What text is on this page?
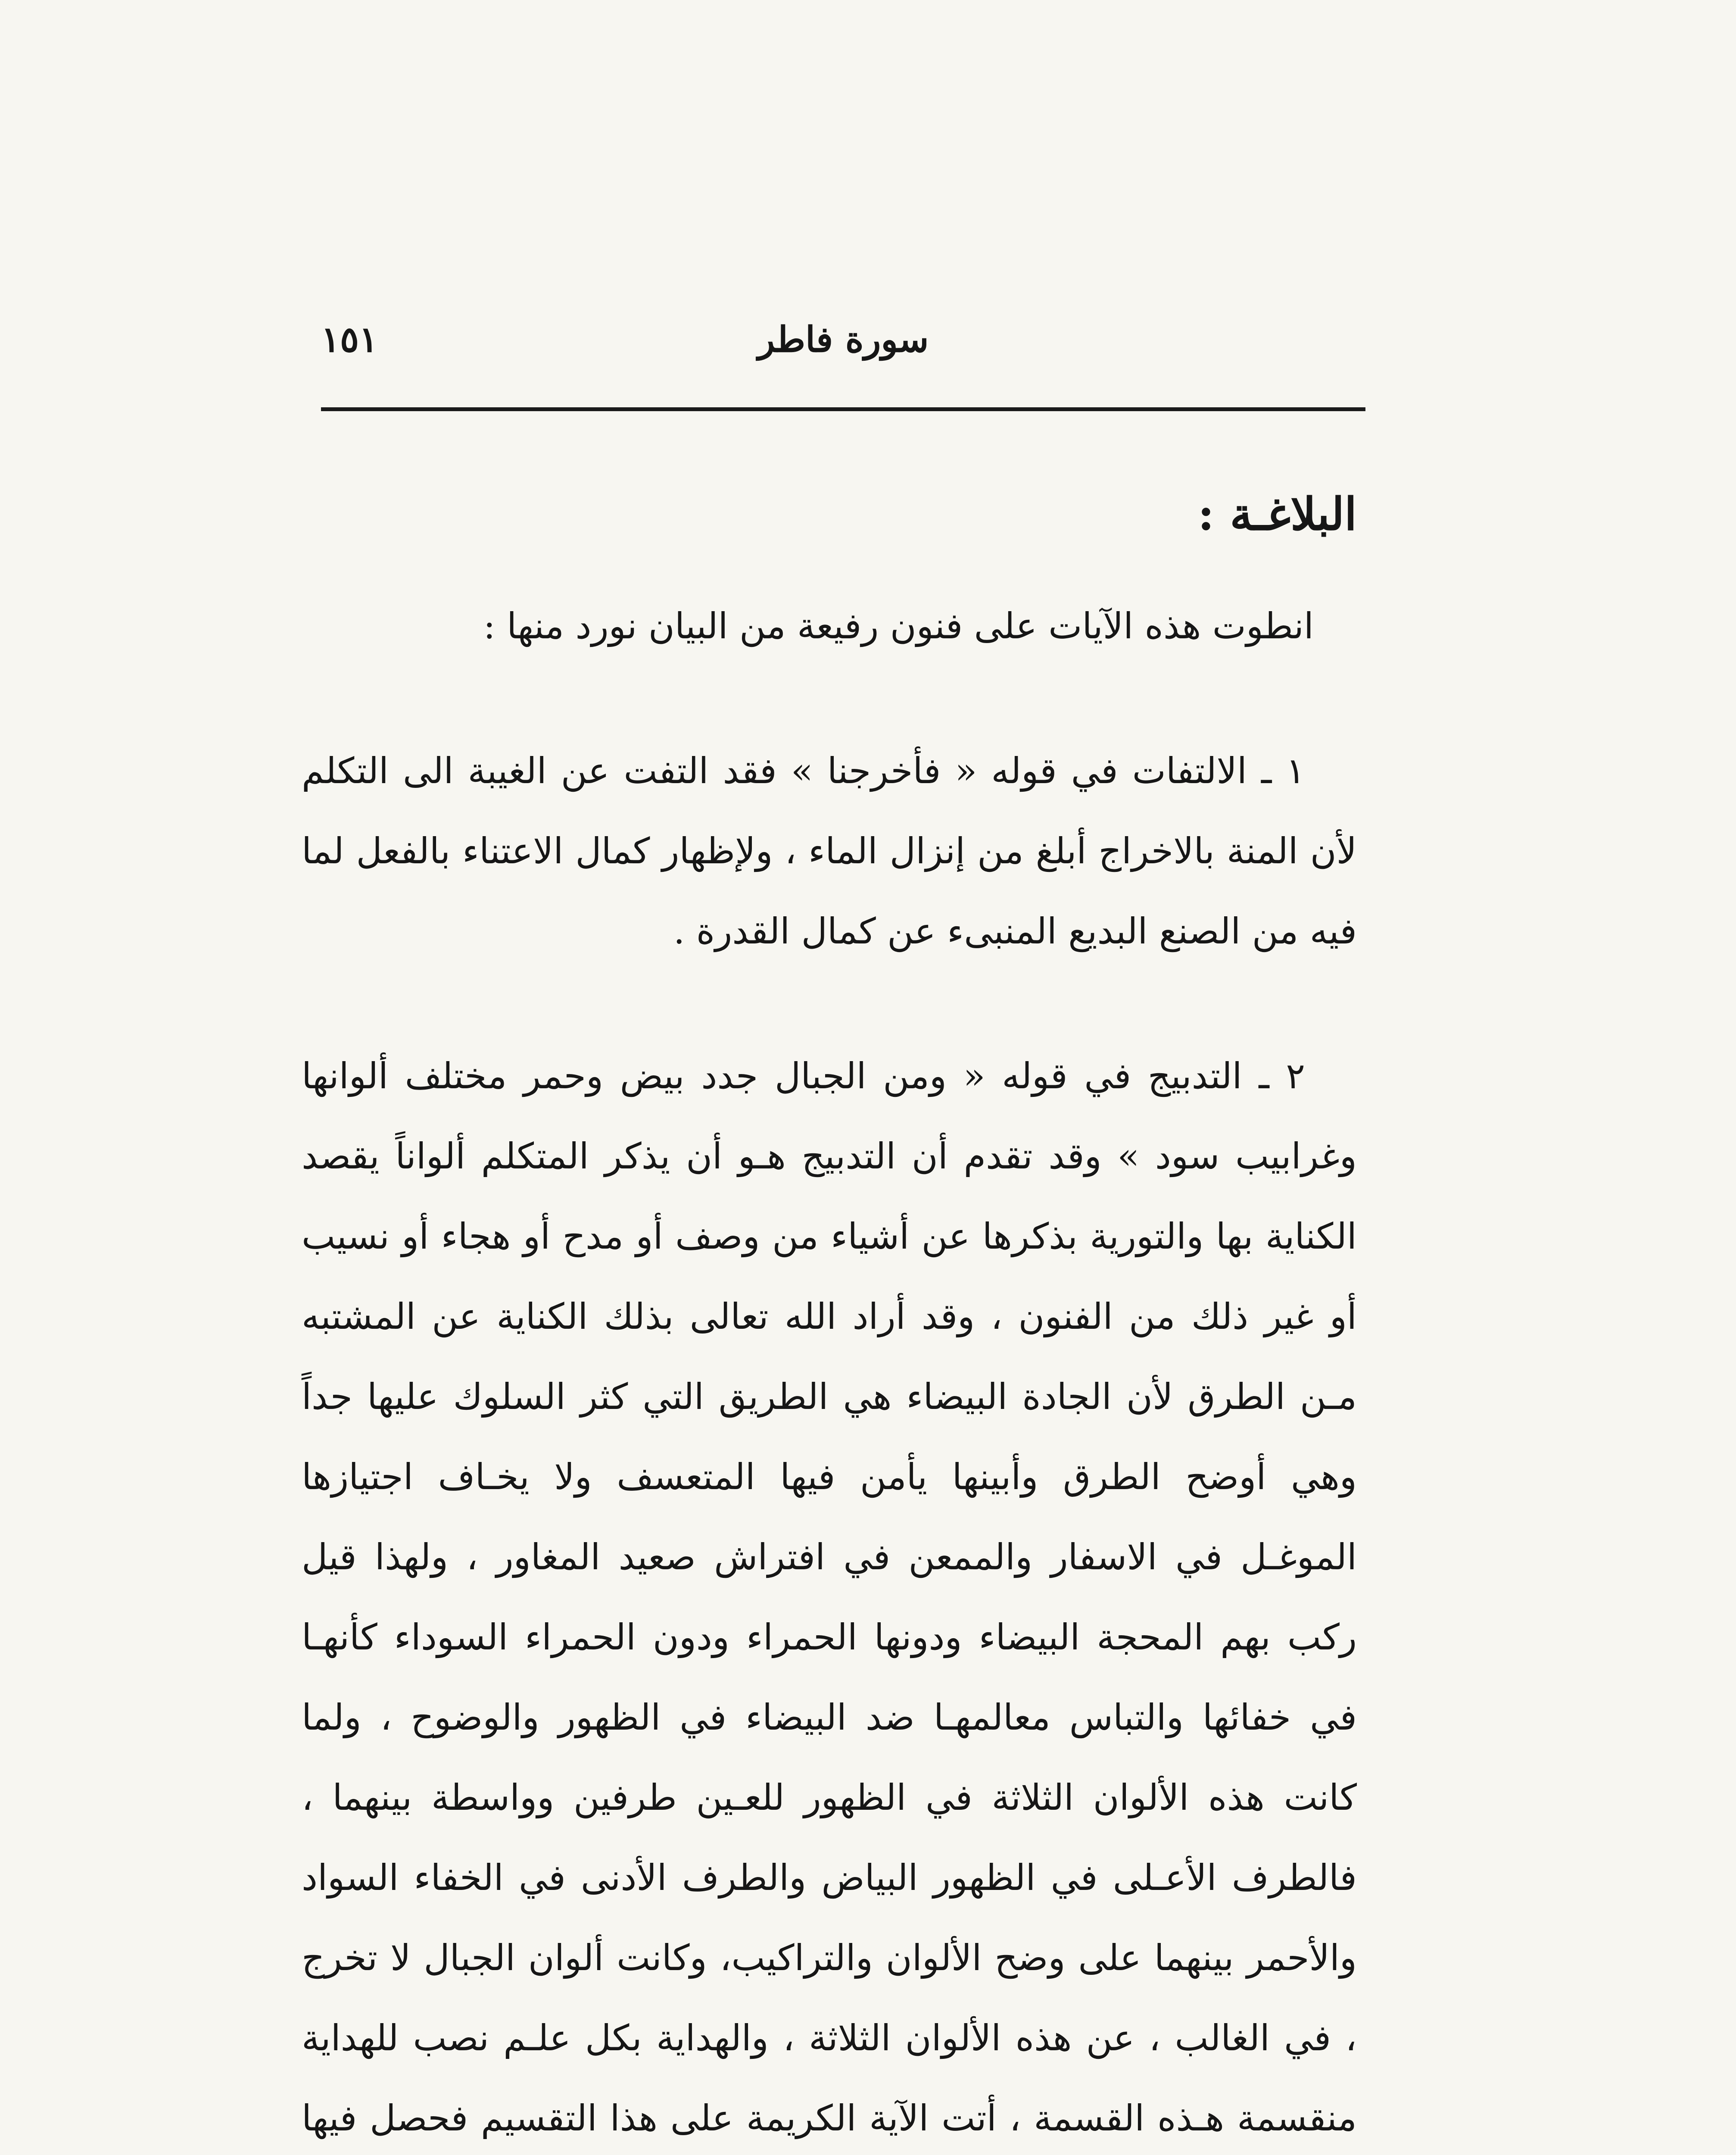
١٥١	سورة فاطر
البلاغـة :

انطوت هذه الآيات على فنون رفيعة من البيان نورد منها :

١ ـ الالتفات في قوله « فأخرجنا » فقد التفت عن الغيبة الى التكلم لأن المنة بالاخراج أبلغ من إنزال الماء ، ولإظهار كمال الاعتناء بالفعل لما فيه من الصنع البديع المنبىء عن كمال القدرة .

٢ ـ التدبيج في قوله « ومن الجبال جدد بيض وحمر مختلف ألوانها وغرابيب سود » وقد تقدم أن التدبيج هـو أن يذكر المتكلم ألواناً يقصد الكناية بها والتورية بذكرها عن أشياء من وصف أو مدح أو هجاء أو نسيب أو غير ذلك من الفنون ، وقد أراد الله تعالى بذلك الكناية عن المشتبه مـن الطرق لأن الجادة البيضاء هي الطريق التي كثر السلوك عليها جداً وهي أوضح الطرق وأبينها يأمن فيها المتعسف ولا يخـاف اجتيازها الموغـل في الاسفار والممعن في افتراش صعيد المغاور ، ولهذا قيل ركب بهم المحجة البيضاء ودونها الحمراء ودون الحمراء السوداء كأنهـا في خفائها والتباس معالمهـا ضد البيضاء في الظهور والوضوح ، ولما كانت هذه الألوان الثلاثة في الظهور للعـين طرفين وواسطة بينهما ، فالطرف الأعـلى في الظهور البياض والطرف الأدنى في الخفاء السواد والأحمر بينهما على وضح الألوان والتراكيب، وكانت ألوان الجبال لا تخرج ، في الغالب ، عن هذه الألوان الثلاثة ، والهداية بكل علـم نصب للهداية منقسمة هـذه القسمة ، أتت الآية الكريمة على هذا التقسيم فحصل فيها
